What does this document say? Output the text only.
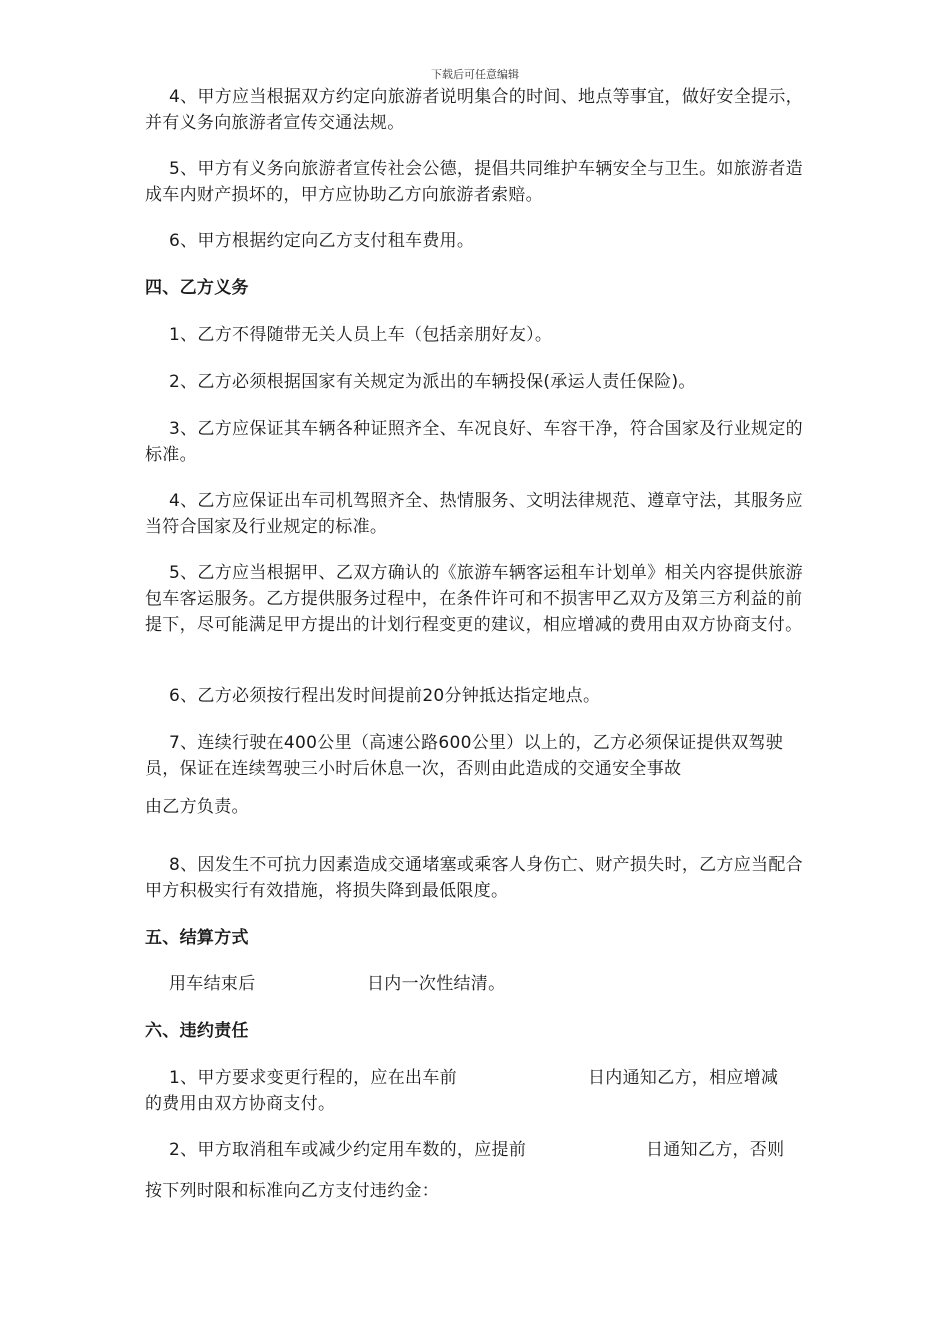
下载后可任意编辑

4、甲方应当根据双方约定向旅游者说明集合的时间、地点等事宜，做好安全提示，并有义务向旅游者宣传交通法规。

5、甲方有义务向旅游者宣传社会公德，提倡共同维护车辆安全与卫生。如旅游者造成车内财产损坏的，甲方应协助乙方向旅游者索赔。

6、甲方根据约定向乙方支付租车费用。

四、乙方义务

1、乙方不得随带无关人员上车（包括亲朋好友）。

2、乙方必须根据国家有关规定为派出的车辆投保(承运人责任保险)。

3、乙方应保证其车辆各种证照齐全、车况良好、车容干净，符合国家及行业规定的标准。

4、乙方应保证出车司机驾照齐全、热情服务、文明法律规范、遵章守法，其服务应当符合国家及行业规定的标准。

5、乙方应当根据甲、乙双方确认的《旅游车辆客运租车计划单》相关内容提供旅游包车客运服务。乙方提供服务过程中，在条件许可和不损害甲乙双方及第三方利益的前提下，尽可能满足甲方提出的计划行程变更的建议，相应增减的费用由双方协商支付。

6、乙方必须按行程出发时间提前20分钟抵达指定地点。

7、连续行驶在400公里（高速公路600公里）以上的，乙方必须保证提供双驾驶员，保证在连续驾驶三小时后休息一次，否则由此造成的交通安全事故

由乙方负责。

8、因发生不可抗力因素造成交通堵塞或乘客人身伤亡、财产损失时，乙方应当配合甲方积极实行有效措施，将损失降到最低限度。

五、结算方式

用车结束后	日内一次性结清。

六、违约责任

1、甲方要求变更行程的，应在出车前	日内通知乙方，相应增减
的费用由双方协商支付。
2、甲方取消租车或减少约定用车数的，应提前	日通知乙方，否则
按下列时限和标准向乙方支付违约金：
